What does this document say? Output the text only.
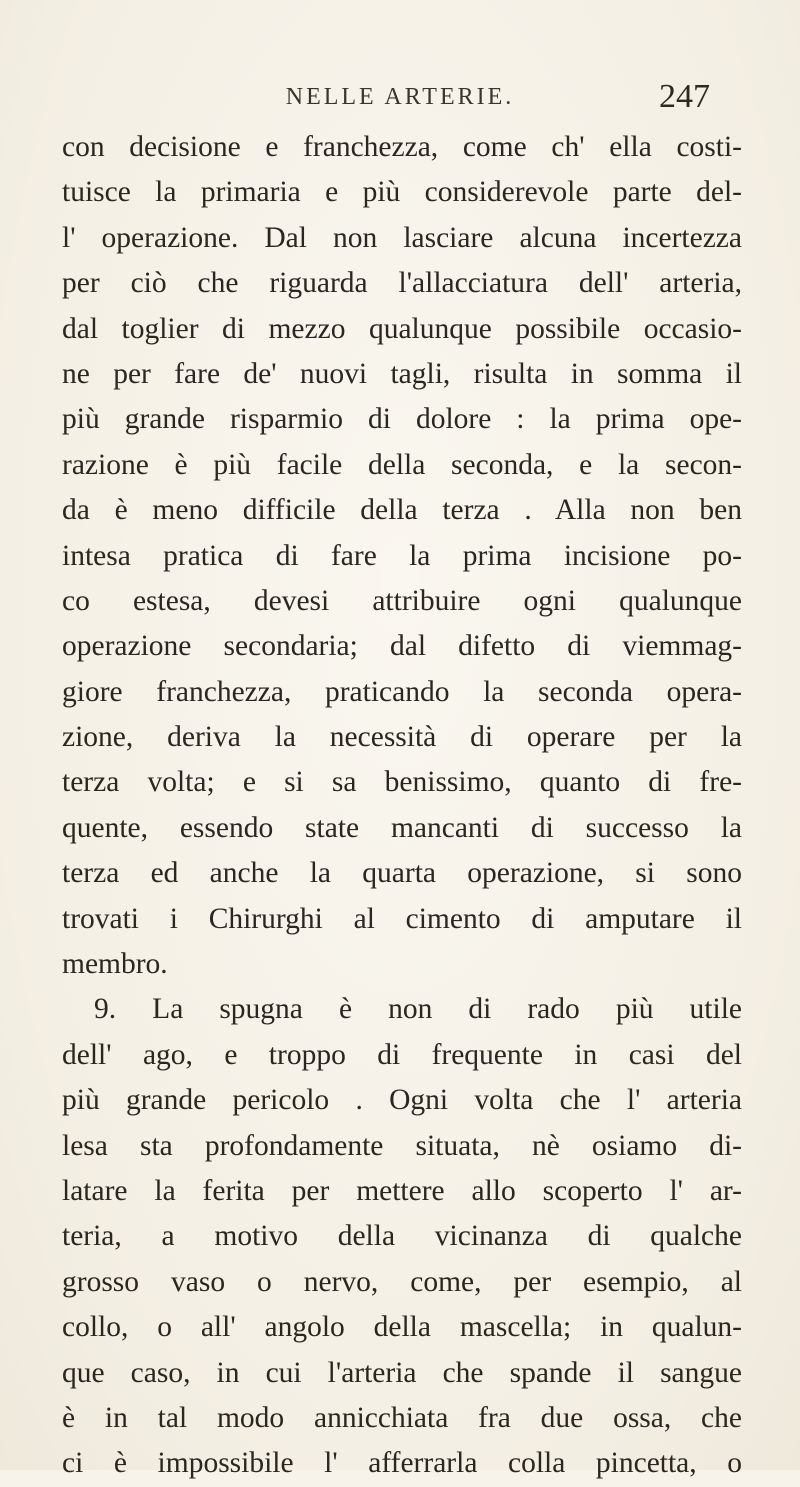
NELLE ARTERIE.	247
con decisione e franchezza, come ch' ella costi-
tuisce la primaria e più considerevole parte del-
l' operazione. Dal non lasciare alcuna incertezza
per ciò che riguarda l'allacciatura dell' arteria,
dal toglier di mezzo qualunque possibile occasio-
ne per fare de' nuovi tagli, risulta in somma il
più grande risparmio di dolore : la prima ope-
razione è più facile della seconda, e la secon-
da è meno difficile della terza . Alla non ben
intesa pratica di fare la prima incisione po-
co estesa, devesi attribuire ogni qualunque
operazione secondaria; dal difetto di viemmag-
giore franchezza, praticando la seconda opera-
zione, deriva la necessità di operare per la
terza volta; e si sa benissimo, quanto di fre-
quente, essendo state mancanti di successo la
terza ed anche la quarta operazione, si sono
trovati i Chirurghi al cimento di amputare il
membro.
9. La spugna è non di rado più utile
dell' ago, e troppo di frequente in casi del
più grande pericolo . Ogni volta che l' arteria
lesa sta profondamente situata, nè osiamo di-
latare la ferita per mettere allo scoperto l' ar-
teria, a motivo della vicinanza di qualche
grosso vaso o nervo, come, per esempio, al
collo, o all' angolo della mascella; in qualun-
que caso, in cui l'arteria che spande il sangue
è in tal modo annicchiata fra due ossa, che
ci è impossibile l' afferrarla colla pincetta, o
